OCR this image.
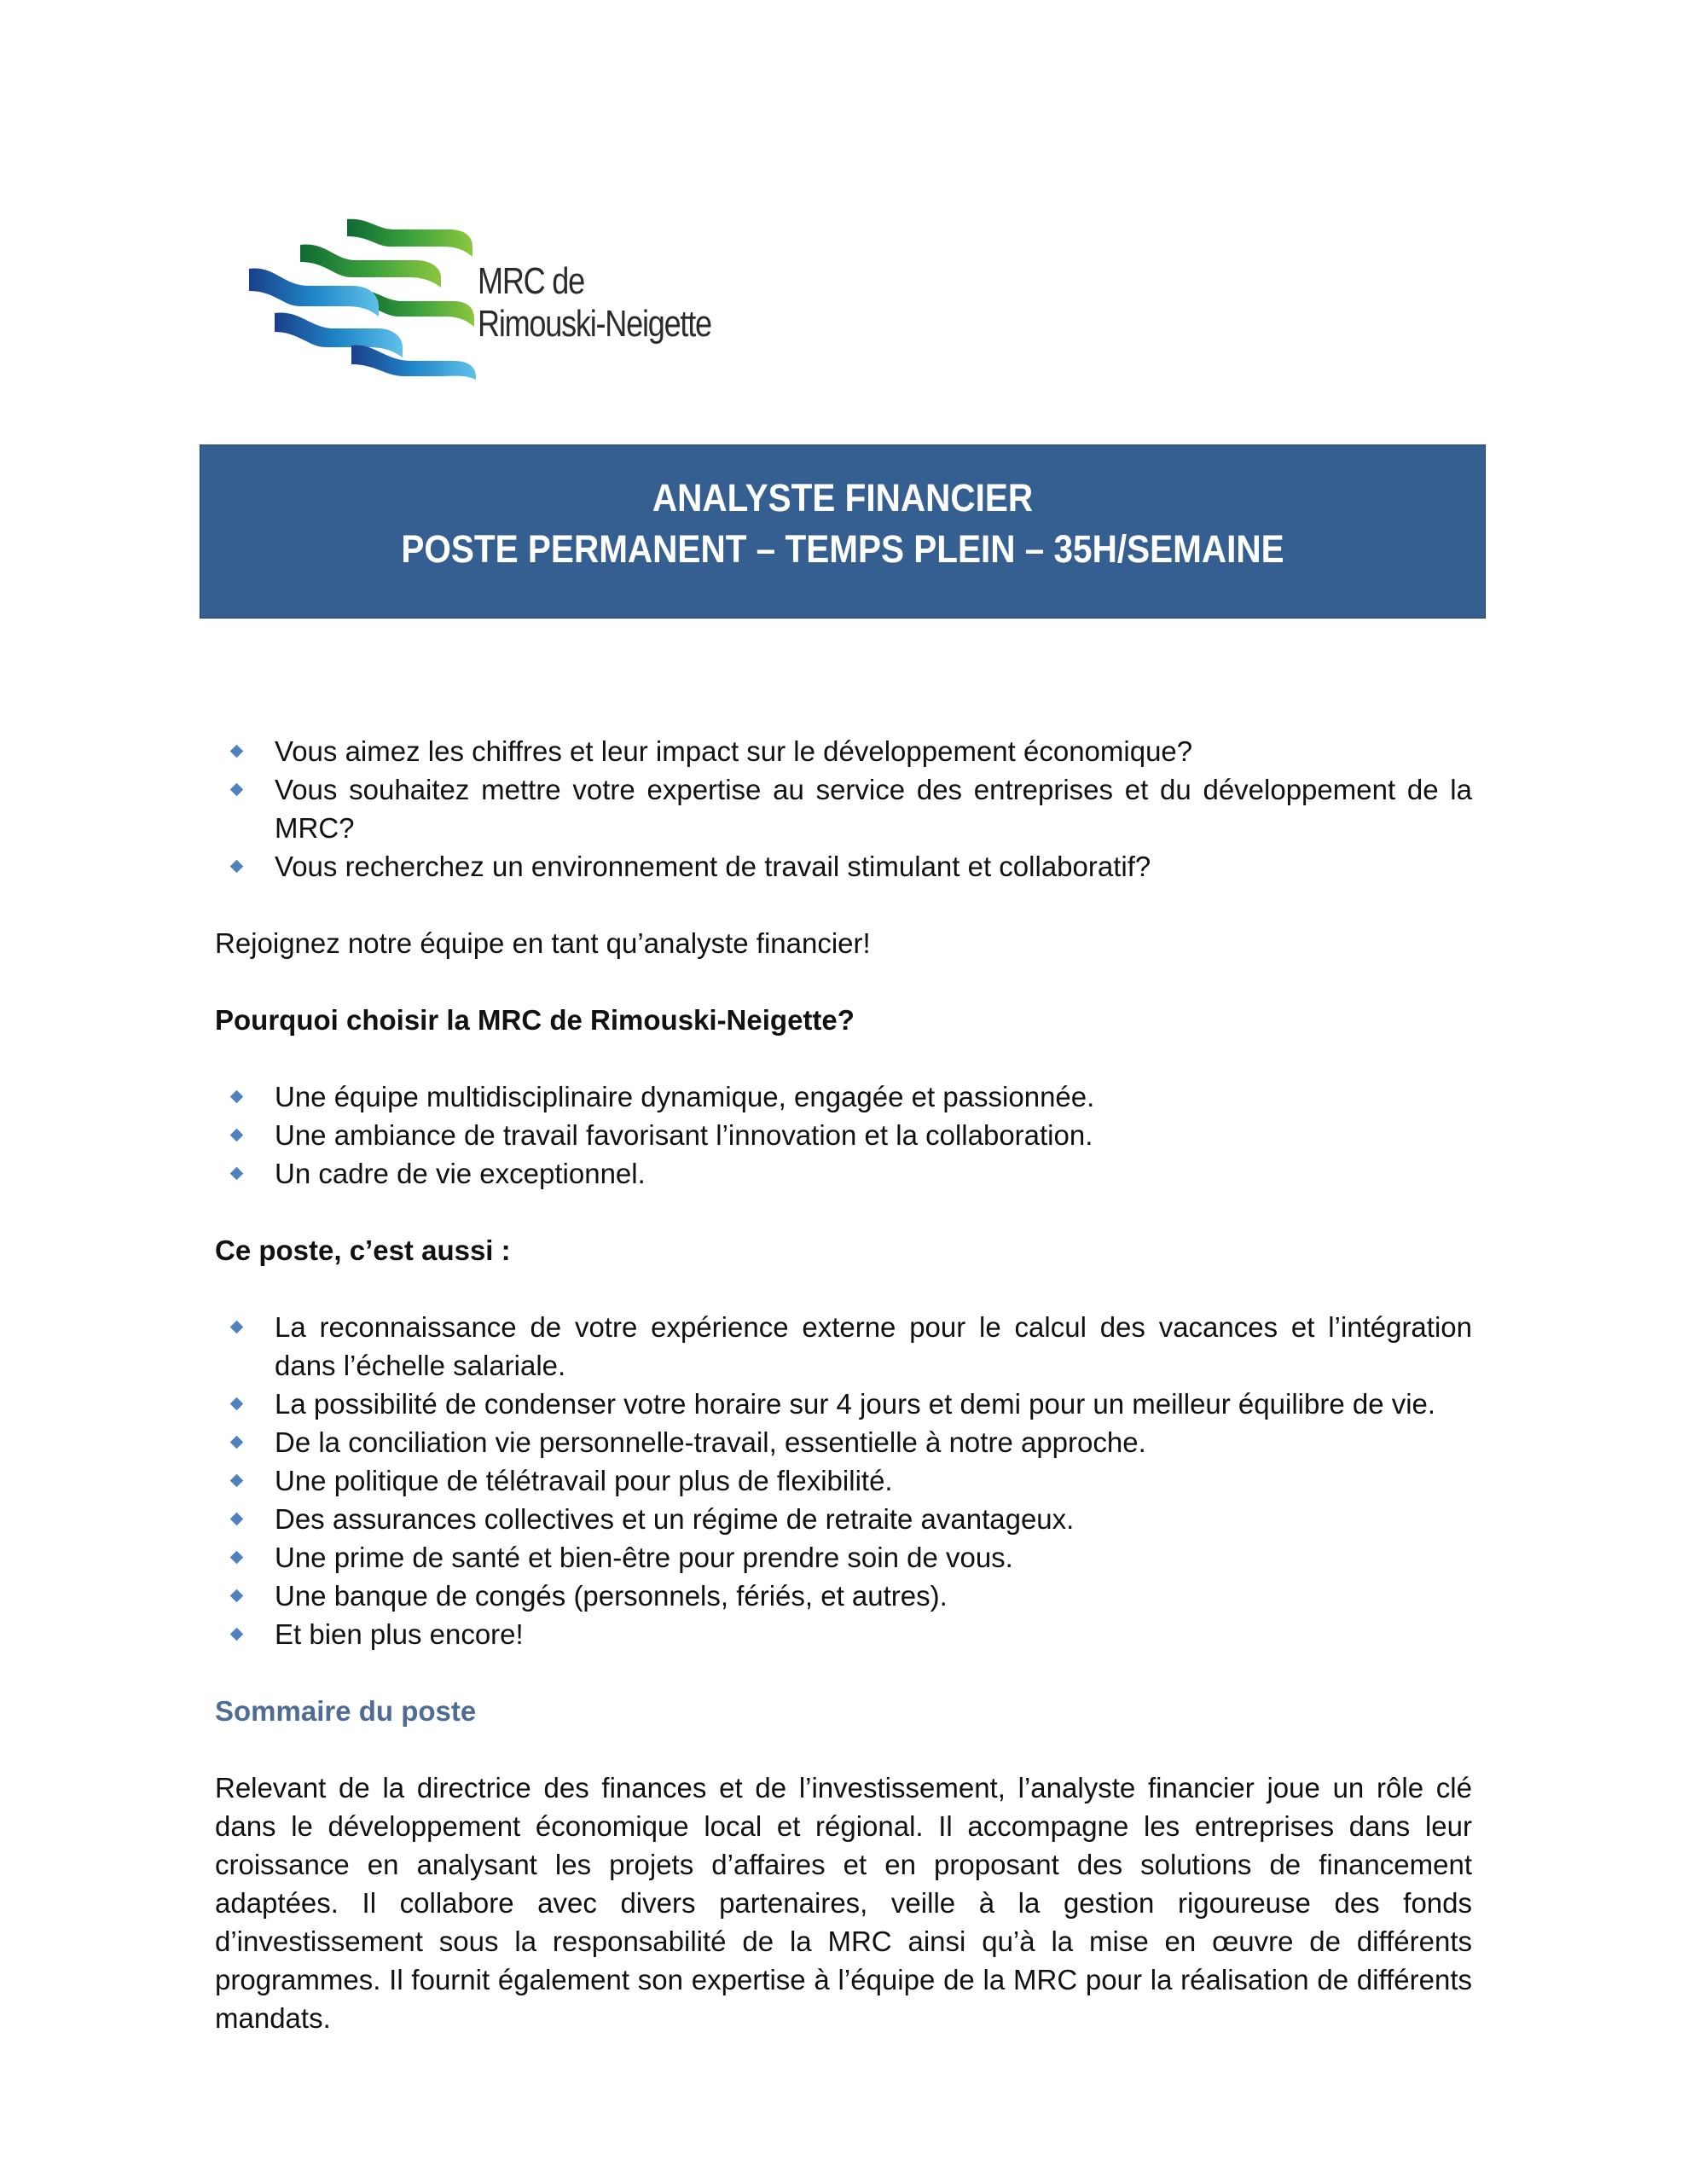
MRC de
Rimouski-Neigette
ANALYSTE FINANCIER
POSTE PERMANENT – TEMPS PLEIN – 35H/SEMAINE
Vous aimez les chiffres et leur impact sur le développement économique?
Vous souhaitez mettre votre expertise au service des entreprises et du développement de la MRC?
Vous recherchez un environnement de travail stimulant et collaboratif?

Rejoignez notre équipe en tant qu’analyste financier!

Pourquoi choisir la MRC de Rimouski-Neigette?

Une équipe multidisciplinaire dynamique, engagée et passionnée.
Une ambiance de travail favorisant l’innovation et la collaboration.
Un cadre de vie exceptionnel.

Ce poste, c’est aussi :

La reconnaissance de votre expérience externe pour le calcul des vacances et l’intégration dans l’échelle salariale.
La possibilité de condenser votre horaire sur 4 jours et demi pour un meilleur équilibre de vie.
De la conciliation vie personnelle-travail, essentielle à notre approche.
Une politique de télétravail pour plus de flexibilité.
Des assurances collectives et un régime de retraite avantageux.
Une prime de santé et bien-être pour prendre soin de vous.
Une banque de congés (personnels, fériés, et autres).
Et bien plus encore!

Sommaire du poste

Relevant de la directrice des finances et de l’investissement, l’analyste financier joue un rôle clé dans le développement économique local et régional. Il accompagne les entreprises dans leur croissance en analysant les projets d’affaires et en proposant des solutions de financement adaptées. Il collabore avec divers partenaires, veille à la gestion rigoureuse des fonds d’investissement sous la responsabilité de la MRC ainsi qu’à la mise en œuvre de différents programmes. Il fournit également son expertise à l’équipe de la MRC pour la réalisation de différents mandats.
